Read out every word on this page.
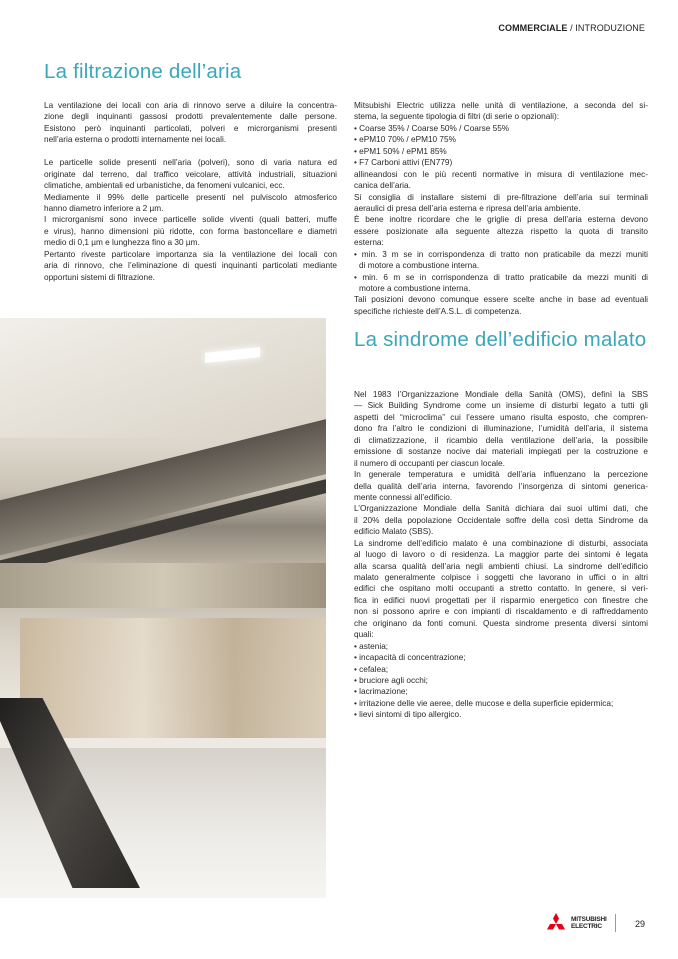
COMMERCIALE / INTRODUZIONE
La filtrazione dell’aria
La ventilazione dei locali con aria di rinnovo serve a diluire la concentra-
zione degli inquinanti gassosi prodotti prevalentemente dalle persone.
Esistono però inquinanti particolati, polveri e microrganismi presenti
nell’aria esterna o prodotti internamente nei locali.
Le particelle solide presenti nell’aria (polveri), sono di varia natura ed
originate dal terreno, dal traffico veicolare, attività industriali, situazioni
climatiche, ambientali ed urbanistiche, da fenomeni vulcanici, ecc.
Mediamente il 99% delle particelle presenti nel pulviscolo atmosferico
hanno diametro inferiore a 2 µm.
I microrganismi sono invece particelle solide viventi (quali batteri, muffe
e virus), hanno dimensioni più ridotte, con forma bastoncellare e diametri
medio di 0,1 µm e lunghezza fino a 30 µm.
Pertanto riveste particolare importanza sia la ventilazione dei locali con
aria di rinnovo, che l’eliminazione di questi inquinanti particolati mediante
opportuni sistemi di filtrazione.
Mitsubishi Electric utilizza nelle unità di ventilazione, a seconda del si-
stema, la seguente tipologia di filtri (di serie o opzionali):
• Coarse 35% / Coarse 50% / Coarse 55%
• ePM10 70% / ePM10 75%
• ePM1 50% / ePM1 85%
• F7 Carboni attivi (EN779)
allineandosi con le più recenti normative in misura di ventilazione mec-
canica dell’aria.
Si consiglia di installare sistemi di pre-filtrazione dell’aria sui terminali
aeraulici di presa dell’aria esterna e ripresa dell’aria ambiente.
È bene inoltre ricordare che le griglie di presa dell’aria esterna devono
essere posizionate alla seguente altezza rispetto la quota di transito
esterna:
• min. 3 m se in corrispondenza di tratto non praticabile da mezzi muniti
di motore a combustione interna.
• min. 6 m se in corrispondenza di tratto praticabile da mezzi muniti di
motore a combustione interna.
Tali posizioni devono comunque essere scelte anche in base ad eventuali
specifiche richieste dell’A.S.L. di competenza.
La sindrome dell’edificio malato
Nel 1983 l’Organizzazione Mondiale della Sanità (OMS), definì la SBS
— Sick Building Syndrome come un insieme di disturbi legato a tutti gli
aspetti del “microclima” cui l’essere umano risulta esposto, che compren-
dono fra l’altro le condizioni di illuminazione, l’umidità dell’aria, il sistema
di climatizzazione, il ricambio della ventilazione dell’aria, la possibile
emissione di sostanze nocive dai materiali impiegati per la costruzione e
il numero di occupanti per ciascun locale.
In generale temperatura e umidità dell’aria influenzano la percezione
della qualità dell’aria interna, favorendo l’insorgenza di sintomi generica-
mente connessi all’edificio.
L’Organizzazione Mondiale della Sanità dichiara dai suoi ultimi dati, che
il 20% della popolazione Occidentale soffre della così detta Sindrome da
edificio Malato (SBS).
La sindrome dell’edificio malato è una combinazione di disturbi, associata
al luogo di lavoro o di residenza. La maggior parte dei sintomi è legata
alla scarsa qualità dell’aria negli ambienti chiusi. La sindrome dell’edificio
malato generalmente colpisce i soggetti che lavorano in uffici o in altri
edifici che ospitano molti occupanti a stretto contatto. In genere, si veri-
fica in edifici nuovi progettati per il risparmio energetico con finestre che
non si possono aprire e con impianti di riscaldamento e di raffreddamento
che originano da fonti comuni. Questa sindrome presenta diversi sintomi
quali:
• astenia;
• incapacità di concentrazione;
• cefalea;
• bruciore agli occhi;
• lacrimazione;
• irritazione delle vie aeree, delle mucose e della superficie epidermica;
• lievi sintomi di tipo allergico.
MITSUBISHI
ELECTRIC	29
